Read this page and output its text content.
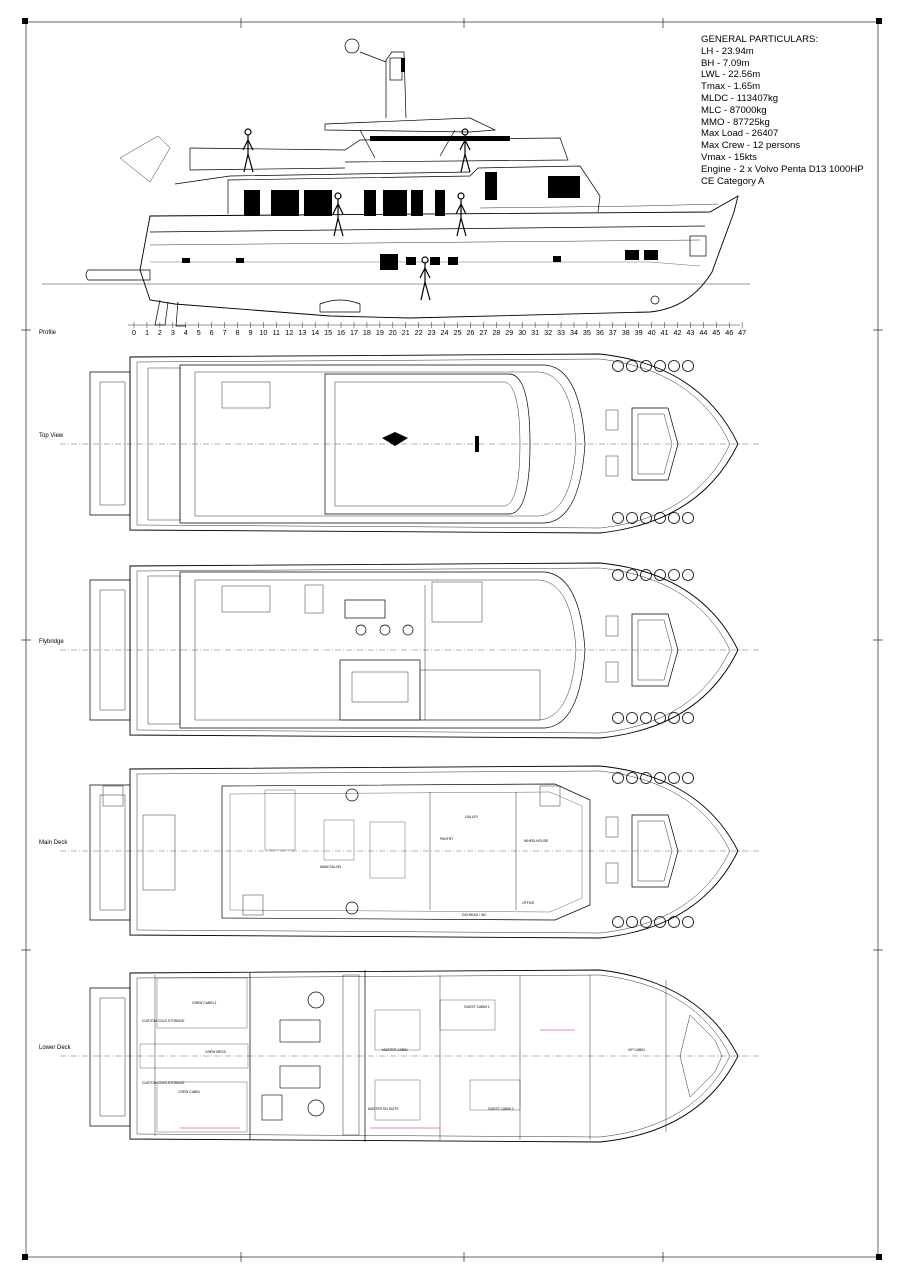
0 1 2 3 4 5 6 7 8 9 10 11 12 13 14 15 16 17 18 19 20 21 22 23 24 25 26 27 28 29 30 31 32 33 34 35 36 37 38 39 40 41 42 43 44 45 46 47
MAIN SALON
GALLEY
WHEELHOUSE
OFFICE
DAYHEAD / WC
PANTRY
CREW CABIN 1
CREW MESS
CREW CABIN
CUSTOM COLD STORAGE
CUSTOM COLD STORAGE
MASTER CABIN
MASTER EN SUITE
GUEST CABIN 1
GUEST CABIN 2
VIP CABIN
Profile
Top View
Flybridge
Main Deck
Lower Deck
GENERAL PARTICULARS:
LH - 23.94m
BH - 7.09m
LWL - 22.56m
Tmax - 1.65m
MLDC - 113407kg
MLC - 87000kg
MMO - 87725kg
Max Load - 26407
Max Crew - 12 persons
Vmax - 15kts
Engine - 2 x Volvo Penta D13 1000HP
CE Category A
